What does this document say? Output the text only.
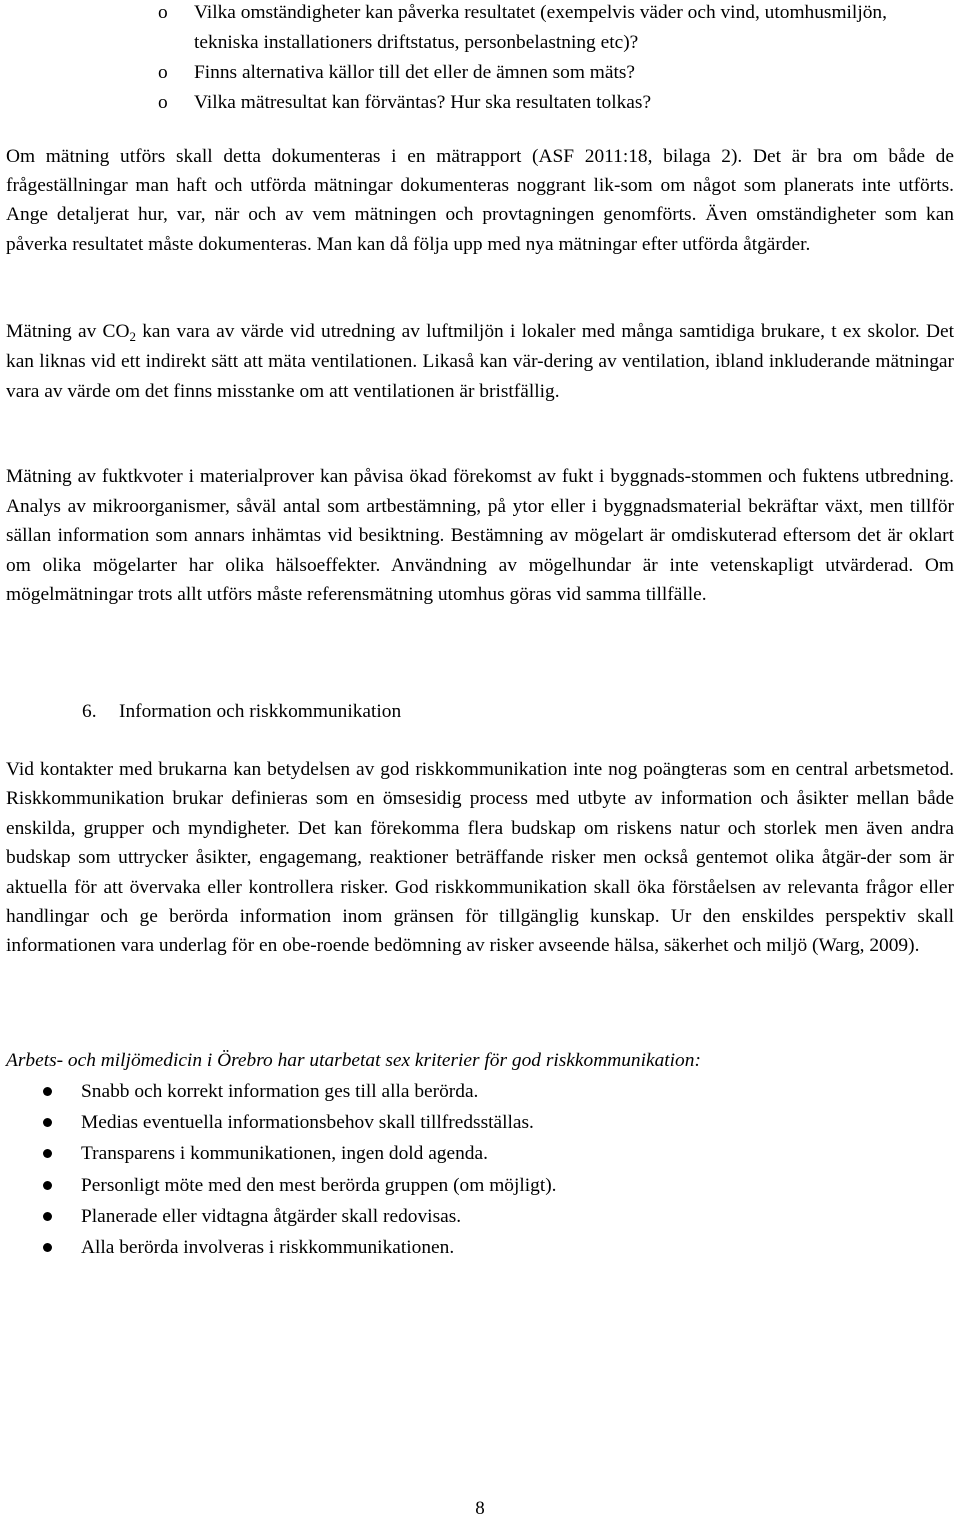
o Vilka omständigheter kan påverka resultatet (exempelvis väder och vind, utomhusmiljön, tekniska installationers driftstatus, personbelastning etc)?
o Finns alternativa källor till det eller de ämnen som mäts?
o Vilka mätresultat kan förväntas? Hur ska resultaten tolkas?

Om mätning utförs skall detta dokumenteras i en mätrapport (ASF 2011:18, bilaga 2). Det är bra om både de frågeställningar man haft och utförda mätningar dokumenteras noggrant lik-som om något som planerats inte utförts. Ange detaljerat hur, var, när och av vem mätningen och provtagningen genomförts. Även omständigheter som kan påverka resultatet måste dokumenteras. Man kan då följa upp med nya mätningar efter utförda åtgärder.

Mätning av $CO_2$ kan vara av värde vid utredning av luftmiljön i lokaler med många samtidiga brukare, t ex skolor. Det kan liknas vid ett indirekt sätt att mäta ventilationen. Likaså kan vär-dering av ventilation, ibland inkluderande mätningar vara av värde om det finns misstanke om att ventilationen är bristfällig.

Mätning av fuktkvoter i materialprover kan påvisa ökad förekomst av fukt i byggnads-stommen och fuktens utbredning. Analys av mikroorganismer, såväl antal som artbestämning, på ytor eller i byggnadsmaterial bekräftar växt, men tillför sällan information som annars inhämtas vid besiktning. Bestämning av mögelart är omdiskuterad eftersom det är oklart om olika mögelarter har olika hälsoeffekter. Användning av mögelhundar är inte vetenskapligt utvärderad. Om mögelmätningar trots allt utförs måste referensmätning utomhus göras vid samma tillfälle.

6. Information och riskkommunikation

Vid kontakter med brukarna kan betydelsen av god riskkommunikation inte nog poängteras som en central arbetsmetod. Riskkommunikation brukar definieras som en ömsesidig process med utbyte av information och åsikter mellan både enskilda, grupper och myndigheter. Det kan förekomma flera budskap om riskens natur och storlek men även andra budskap som uttrycker åsikter, engagemang, reaktioner beträffande risker men också gentemot olika åtgär-der som är aktuella för att övervaka eller kontrollera risker. God riskkommunikation skall öka förståelsen av relevanta frågor eller handlingar och ge berörda information inom gränsen för tillgänglig kunskap. Ur den enskildes perspektiv skall informationen vara underlag för en obe-roende bedömning av risker avseende hälsa, säkerhet och miljö (Warg, 2009).

Arbets- och miljömedicin i Örebro har utarbetat sex kriterier för god riskkommunikation:

Snabb och korrekt information ges till alla berörda.
Medias eventuella informationsbehov skall tillfredsställas.
Transparens i kommunikationen, ingen dold agenda.
Personligt möte med den mest berörda gruppen (om möjligt).
Planerade eller vidtagna åtgärder skall redovisas.
Alla berörda involveras i riskkommunikationen.
8
